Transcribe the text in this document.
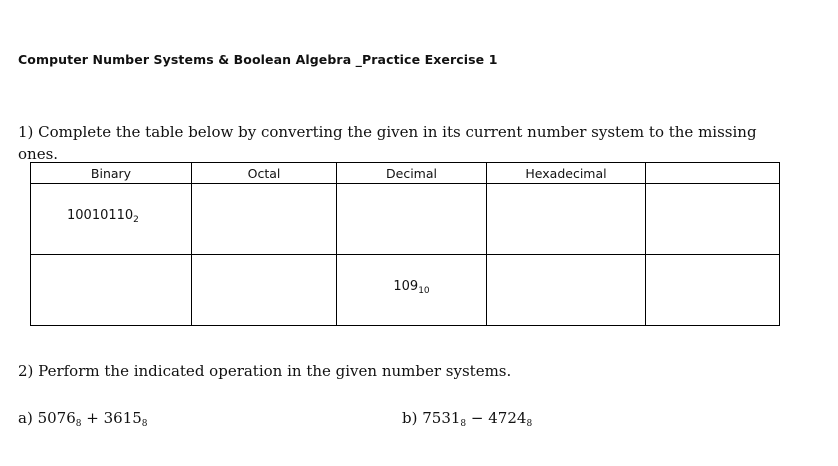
Computer Number Systems & Boolean Algebra _Practice Exercise 1
1) Complete the table below by converting the given in its current number system to the missing ones.
Binary	Octal	Decimal	Hexadecimal	
$10010110_2$				
		$109_{10}$		
2) Perform the indicated operation in the given number systems.
a) $5076_8 + 3615_8$	b) $7531_8 - 4724_8$
